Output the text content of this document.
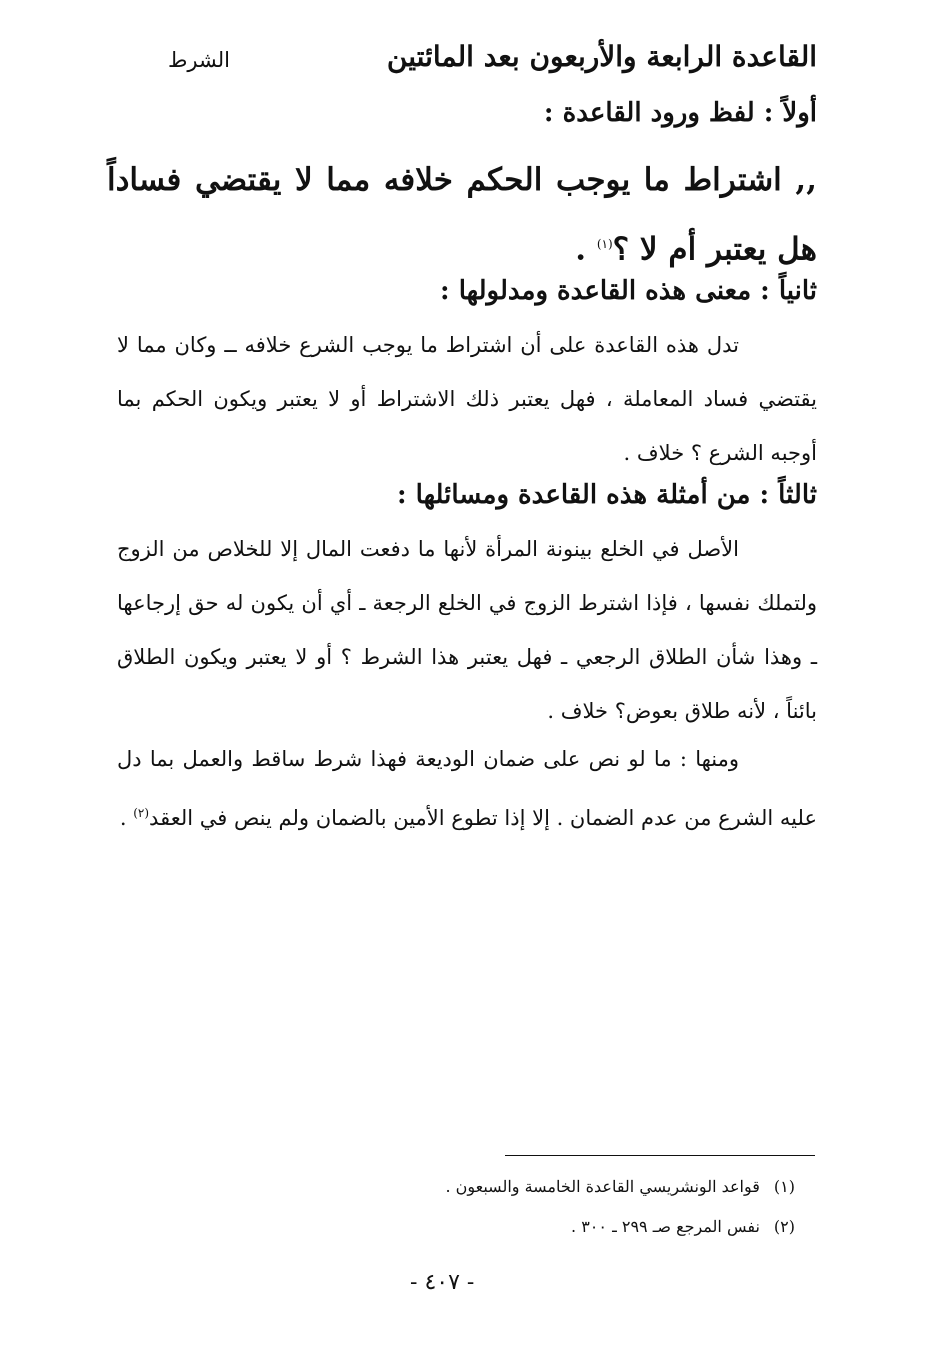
القاعدة الرابعة والأربعون بعد المائتين
الشرط
أولاً : لفظ ورود القاعدة :
,, اشتراط ما يوجب الحكم خلافه مما لا يقتضي فساداً هل يعتبر أم لا ؟$^{(١)}$ .
ثانياً : معنى هذه القاعدة ومدلولها :
تدل هذه القاعدة على أن اشتراط ما يوجب الشرع خلافه ــ وكان مما لا يقتضي فساد المعاملة ، فهل يعتبر ذلك الاشتراط أو لا يعتبر ويكون الحكم بما أوجبه الشرع ؟ خلاف .
ثالثاً : من أمثلة هذه القاعدة ومسائلها :
الأصل في الخلع بينونة المرأة لأنها ما دفعت المال إلا للخلاص من الزوج ولتملك نفسها ، فإذا اشترط الزوج في الخلع الرجعة ـ أي أن يكون له حق إرجاعها ـ وهذا شأن الطلاق الرجعي ـ فهل يعتبر هذا الشرط ؟ أو لا يعتبر ويكون الطلاق بائناً ، لأنه طلاق بعوض؟ خلاف .
ومنها : ما لو نص على ضمان الوديعة فهذا شرط ساقط والعمل بما دل عليه الشرع من عدم الضمان . إلا إذا تطوع الأمين بالضمان ولم ينص في العقد$^{(٢)}$ .
(١)قواعد الونشريسي القاعدة الخامسة والسبعون .
(٢)نفس المرجع صـ ٢٩٩ ـ ٣٠٠ .
- ٤٠٧ -
